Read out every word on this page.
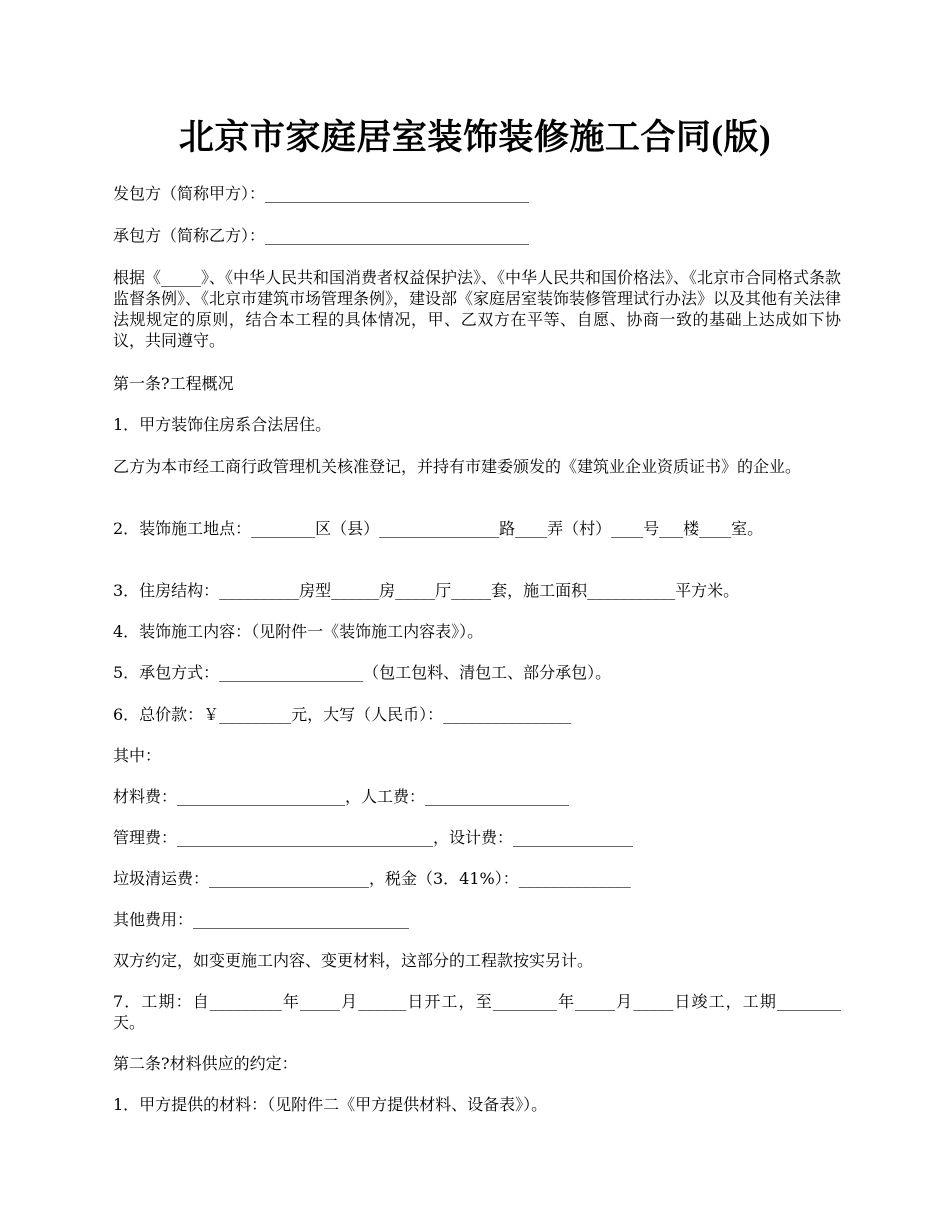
北京市家庭居室装饰装修施工合同(版)
发包方（简称甲方）：_________________________________
承包方（简称乙方）：_________________________________
根据《_____》、《中华人民共和国消费者权益保护法》、《中华人民共和国价格法》、《北京市合同格式条款监督条例》、《北京市建筑市场管理条例》，建设部《家庭居室装饰装修管理试行办法》以及其他有关法律法规规定的原则，结合本工程的具体情况，甲、乙双方在平等、自愿、协商一致的基础上达成如下协议，共同遵守。
第一条?工程概况
1．甲方装饰住房系合法居住。
乙方为本市经工商行政管理机关核准登记，并持有市建委颁发的《建筑业企业资质证书》的企业。
2．装饰施工地点：________区（县）_______________路____弄（村）____号___楼____室。
3．住房结构：__________房型______房_____厅_____套，施工面积___________平方米。
4．装饰施工内容：（见附件一《装饰施工内容表》）。
5．承包方式：__________________（包工包料、清包工、部分承包）。
6．总价款：￥_________元，大写（人民币）：________________
其中：
材料费：_____________________，人工费：__________________
管理费：________________________________，设计费：_______________
垃圾清运费：____________________，税金（3．41%）：______________
其他费用：___________________________
双方约定，如变更施工内容、变更材料，这部分的工程款按实另计。
7．工期：自_________年_____月______日开工，至________年_____月_____日竣工，工期________天。
第二条?材料供应的约定：
1．甲方提供的材料：（见附件二《甲方提供材料、设备表》）。
